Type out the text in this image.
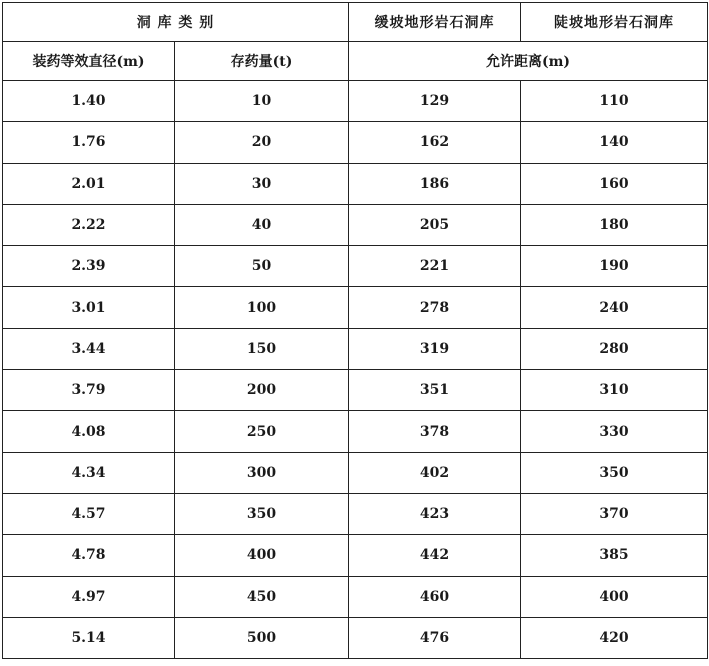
洞 库 类 别		缓坡地形岩石洞库	陡坡地形岩石洞库
装药等效直径(m)	存药量(t)	允许距离(m)	
1.40	10	129	110
1.76	20	162	140
2.01	30	186	160
2.22	40	205	180
2.39	50	221	190
3.01	100	278	240
3.44	150	319	280
3.79	200	351	310
4.08	250	378	330
4.34	300	402	350
4.57	350	423	370
4.78	400	442	385
4.97	450	460	400
5.14	500	476	420
